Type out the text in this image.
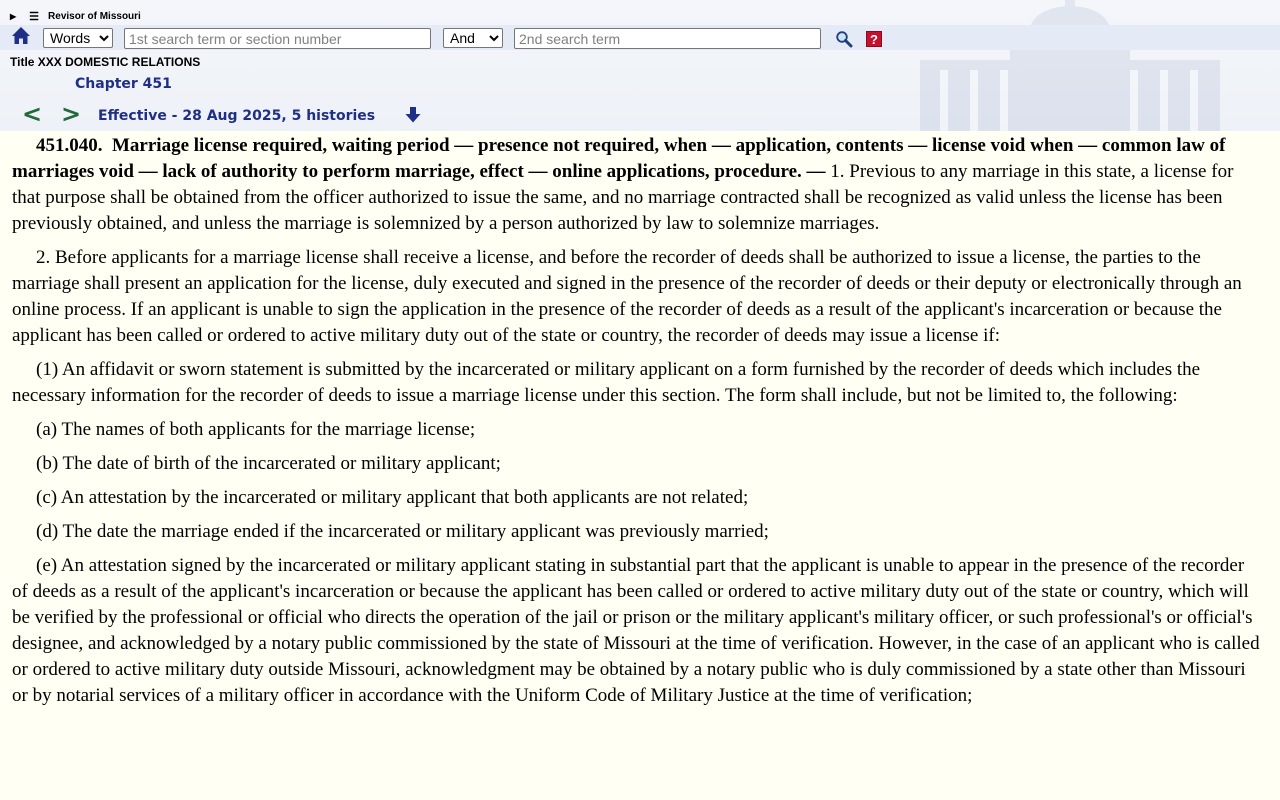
▶ ☰ Revisor of Missouri
Words
1st search term or section number
And
2nd search term
?
Title XXX DOMESTIC RELATIONS
Chapter 451
< > Effective - 28 Aug 2025, 5 histories

451.040. Marriage license required, waiting period — presence not required, when — application, contents — license void when — common law of marriages void — lack of authority to perform marriage, effect — online applications, procedure. — 1. Previous to any marriage in this state, a license for that purpose shall be obtained from the officer authorized to issue the same, and no marriage contracted shall be recognized as valid unless the license has been previously obtained, and unless the marriage is solemnized by a person authorized by law to solemnize marriages.

2. Before applicants for a marriage license shall receive a license, and before the recorder of deeds shall be authorized to issue a license, the parties to the marriage shall present an application for the license, duly executed and signed in the presence of the recorder of deeds or their deputy or electronically through an online process. If an applicant is unable to sign the application in the presence of the recorder of deeds as a result of the applicant's incarceration or because the applicant has been called or ordered to active military duty out of the state or country, the recorder of deeds may issue a license if:

(1) An affidavit or sworn statement is submitted by the incarcerated or military applicant on a form furnished by the recorder of deeds which includes the necessary information for the recorder of deeds to issue a marriage license under this section. The form shall include, but not be limited to, the following:

(a) The names of both applicants for the marriage license;

(b) The date of birth of the incarcerated or military applicant;

(c) An attestation by the incarcerated or military applicant that both applicants are not related;

(d) The date the marriage ended if the incarcerated or military applicant was previously married;

(e) An attestation signed by the incarcerated or military applicant stating in substantial part that the applicant is unable to appear in the presence of the recorder of deeds as a result of the applicant's incarceration or because the applicant has been called or ordered to active military duty out of the state or country, which will be verified by the professional or official who directs the operation of the jail or prison or the military applicant's military officer, or such professional's or official's designee, and acknowledged by a notary public commissioned by the state of Missouri at the time of verification. However, in the case of an applicant who is called or ordered to active military duty outside Missouri, acknowledgment may be obtained by a notary public who is duly commissioned by a state other than Missouri or by notarial services of a military officer in accordance with the Uniform Code of Military Justice at the time of verification;
